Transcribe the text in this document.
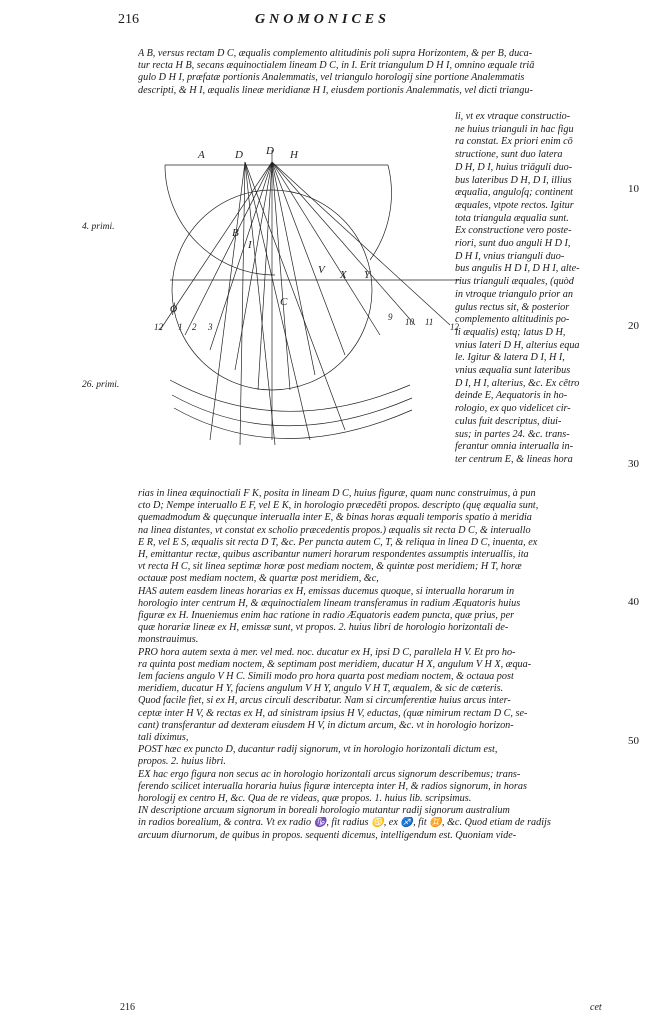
216	GNOMONICES
A B, versus rectam D C, æqualis complemento altitudinis poli supra Horizontem, & per B, duca-
tur recta H B, secans æquinoctialem lineam D C, in I. Erit triangulum D H I, omnino æquale triā
gulo D H I, præfatæ portionis Analemmatis, vel triangulo horologij sine portione Analemmatis
descripti, & H I, æqualis lineæ meridianæ H I, eiusdem portionis Analemmatis, vel dicti triangu-
li, vt ex vtraque constructio-
ne huius trianguli in hac figu
ra constat. Ex priori enim cō
structione, sunt duo latera
D H, D I, huius triāguli duo-
bus lateribus D H, D I, illius
æqualia, anguloſq; continent
æquales, vtpote rectos. Igitur
tota triangula æqualia sunt.
Ex constructione vero poste-
riori, sunt duo anguli H D I,
D H I, vnius trianguli duo-
bus angulis H D I, D H I, alte-
rius trianguli æquales, (quòd
in vtroque triangulo prior an
gulus rectus sit, & posterior
complemento altitudinis po-
li æqualis) estq; latus D H,
vnius lateri D H, alterius equa
le. Igitur & latera D I, H I,
vnius æqualia sunt lateribus
D I, H I, alterius, &c. Ex cētro
deinde E, Aequatoris in ho-
rologio, ex quo videlicet cir-
culus fuit descriptus, diui-
sus; in partes 24. &c. trans-
ferantur omnia interualla in-
ter centrum E, & lineas hora
A	D D H
B
I
ϕ	C
V X Y
12 1 2 3	10 11
9
12
4. primi.
26. primi.
10
20
30
40
50
rias in linea æquinoctiali F K, posita in lineam D C, huius figuræ, quam nunc construimus, à pun
cto D; Nempe interuallo E F, vel E K, in horologio præcedēti propos. descripto (quę æqualia sunt,
quemadmodum & quęcunque interualla inter E, & binas horas æquali temporis spatio à meridia
na linea distantes, vt constat ex scholio præcedentis propos.) æqualis sit recta D C, & interuallo
E R, vel E S, æqualis sit recta D T, &c. Per puncta autem C, T, & reliqua in linea D C, inuenta, ex
H, emittantur rectæ, quibus ascribantur numeri horarum respondentes assumptis interuallis, ita
vt recta H C, sit linea septimæ horæ post mediam noctem, & quintæ post meridiem; H T, horæ
octauæ post mediam noctem, & quartæ post meridiem, &c,
HAS autem easdem lineas horarias ex H, emissas ducemus quoque, si interualla horarum in
horologio inter centrum H, & æquinoctialem lineam transferamus in radium Æquatoris huius
figuræ ex H. Inueniemus enim hac ratione in radio Æquatoris eadem puncta, quæ prius, per
quæ horariæ lineæ ex H, emissæ sunt, vt propos. 2. huius libri de horologio horizontali de-
monstrauimus.
PRO hora autem sexta à mer. vel med. noc. ducatur ex H, ipsi D C, parallela H V. Et pro ho-
ra quinta post mediam noctem, & septimam post meridiem, ducatur H X, angulum V H X, æqua-
lem faciens angulo V H C. Simili modo pro hora quarta post mediam noctem, & octaua post
meridiem, ducatur H Y, faciens angulum V H Y, angulo V H T, æqualem, & sic de cæteris.
Quod facile fiet, si ex H, arcus circuli describatur. Nam si circumferentiæ huius arcus inter-
ceptæ inter H V, & rectas ex H, ad sinistram ipsius H V, eductas, (quæ nimirum rectam D C, se-
cant) transferantur ad dexteram eiusdem H V, in dictum arcum, &c. vt in horologio horizon-
tali diximus,
POST hæc ex puncto D, ducantur radij signorum, vt in horologio horizontali dictum est,
propos. 2. huius libri.
EX hac ergo figura non secus ac in horologio horizontali arcus signorum describemus; trans-
ferendo scilicet interualla horaria huius figuræ intercepta inter H, & radios signorum, in horas
horologij ex centro H, &c. Qua de re videas, quæ propos. 1. huius lib. scripsimus.
IN descriptione arcuum signorum in boreali horologio mutantur radij signorum australium
in radios borealium, & contra. Vt ex radio ♑, fit radius ♋, ex ♐, fit ♊, &c. Quod etiam de radijs
arcuum diurnorum, de quibus in propos. sequenti dicemus, intelligendum est. Quoniam vide-
cet
216
